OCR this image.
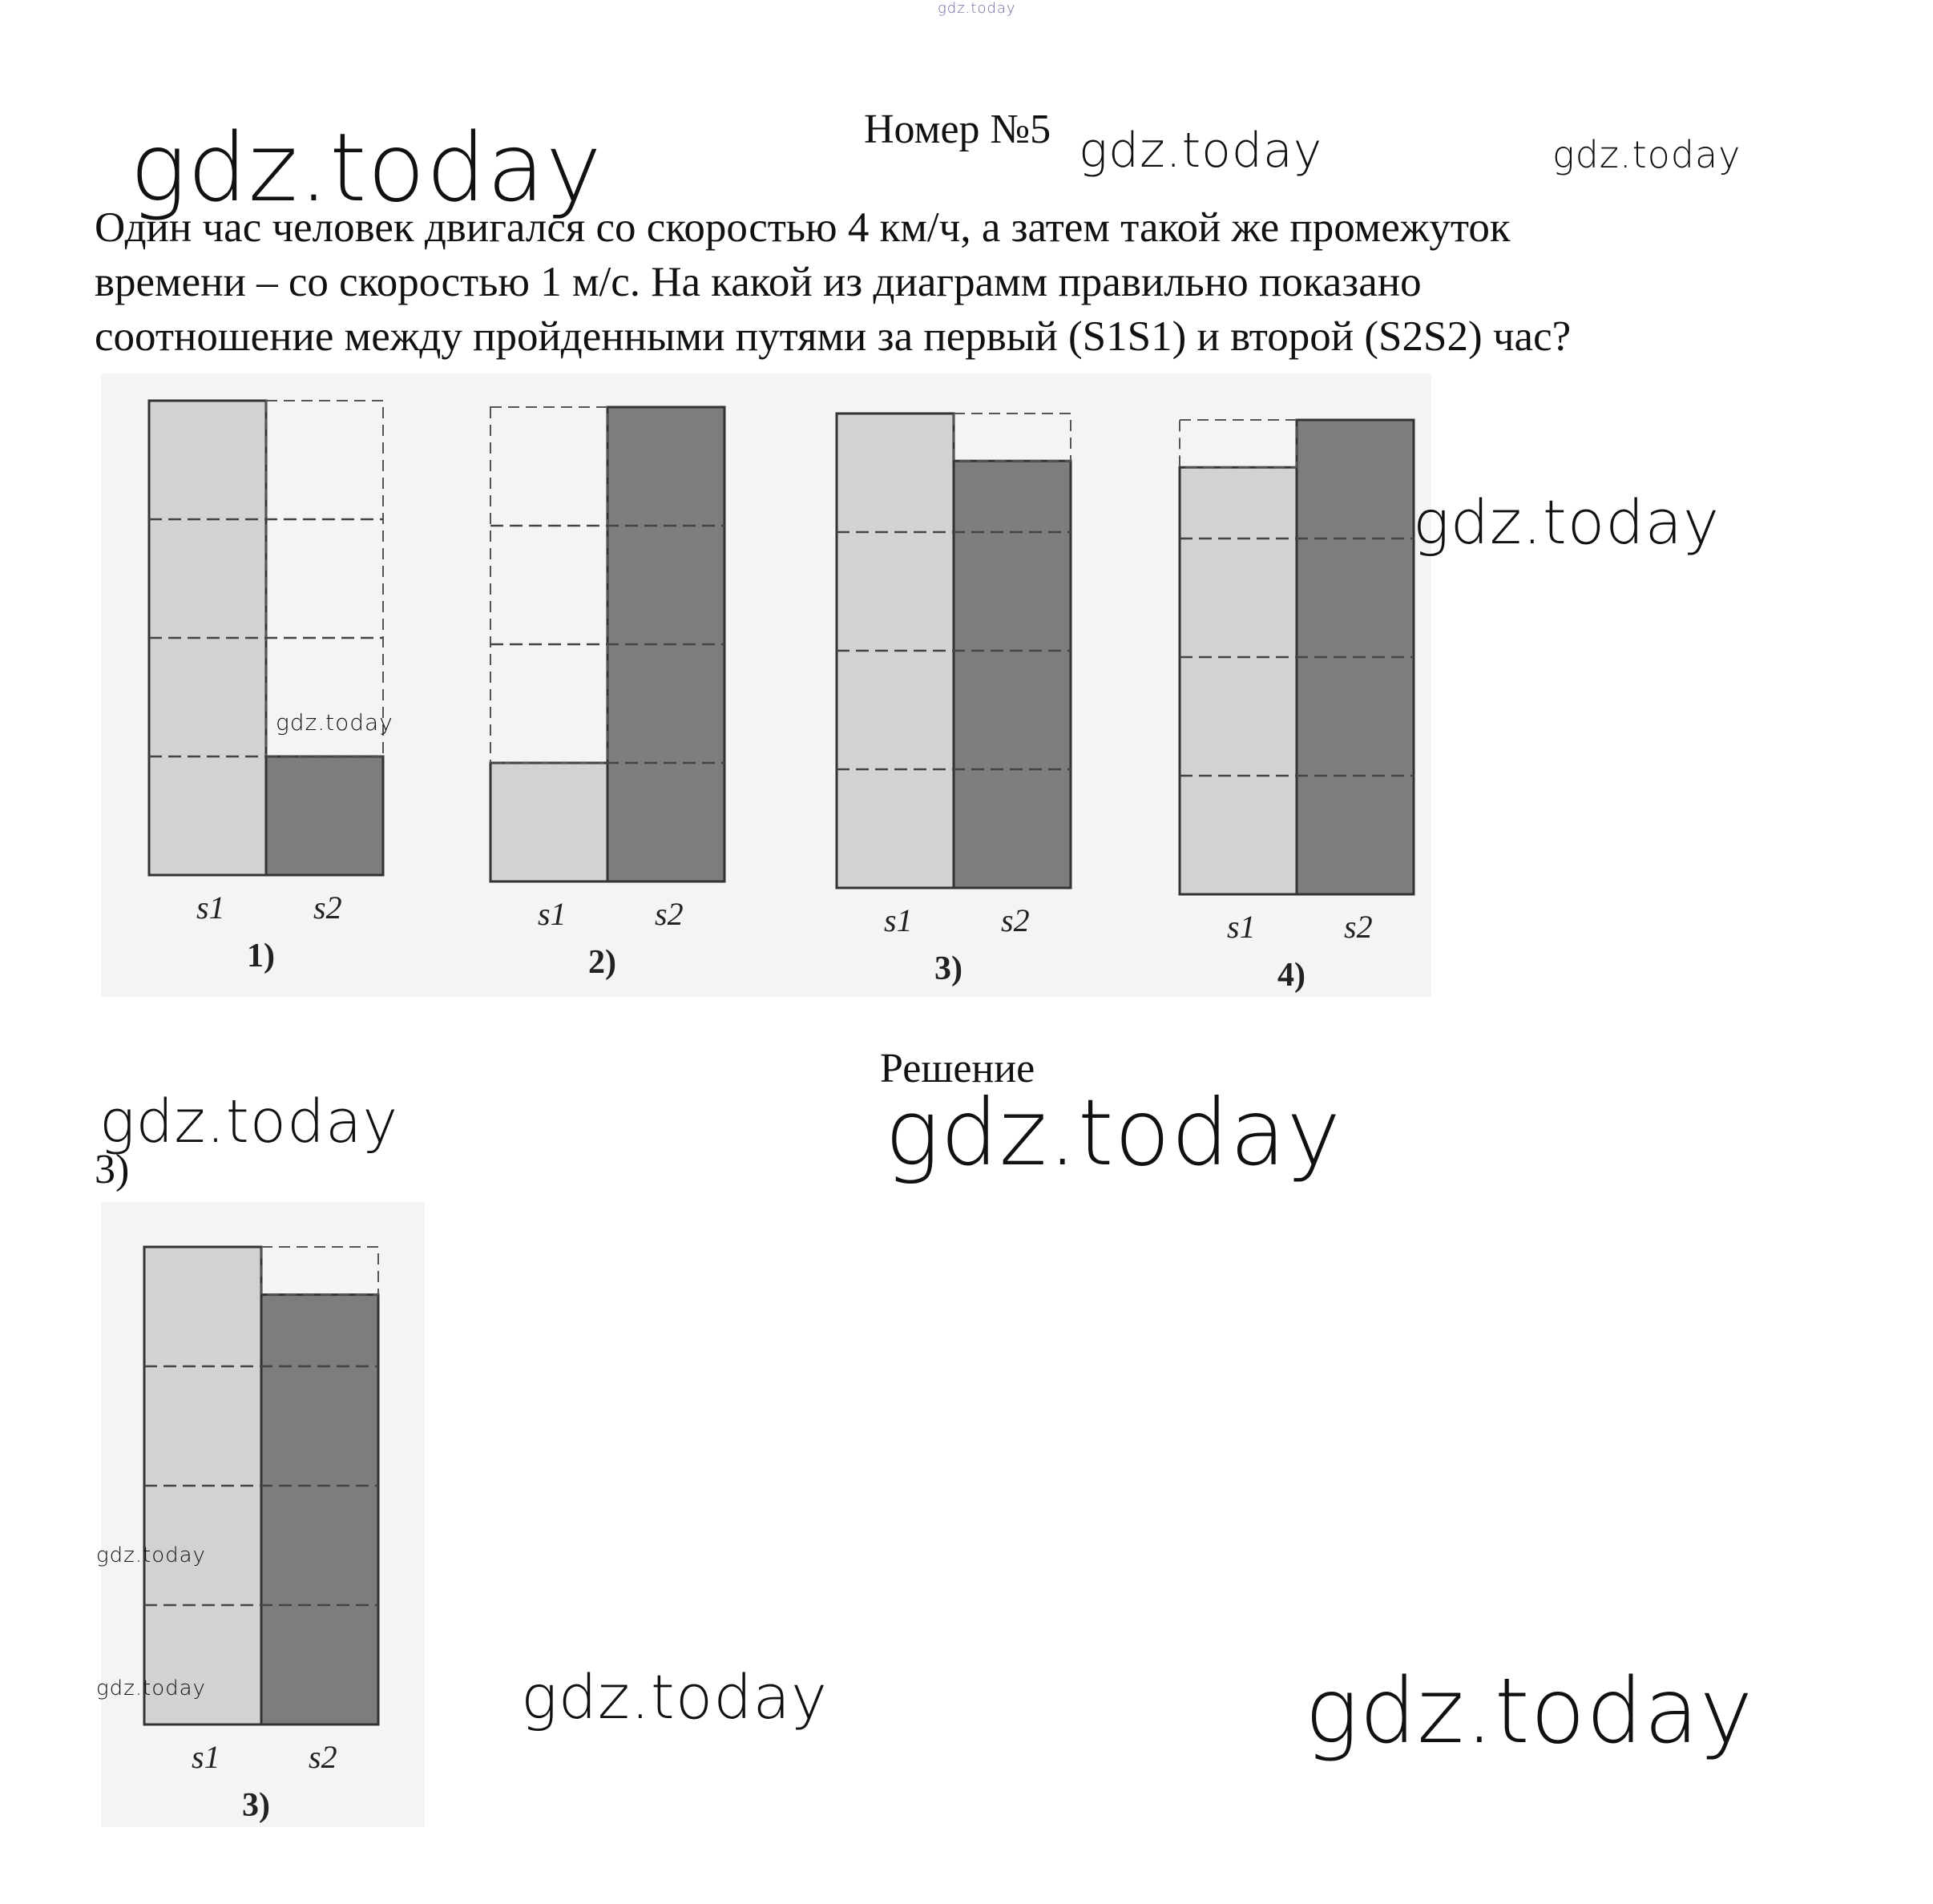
gdz.today
gdz.today	gdz.today	gdz.today
Номер №5
Один час человек двигался со скоростью 4 км/ч, а затем такой же промежуток
времени – со скоростью 1 м/с. На какой из диаграмм правильно показано
соотношение между пройденными путями за первый (S1S1) и второй (S2S2) час?
s1	s2
1)
s1	s2
2)
s1	s2
3)
s1	s2
4)
s1	s2
3)
gdz.today
gdz.today
Решение
gdz.today	gdz.today
3)
gdz.today
gdz.today	gdz.today	gdz.today
